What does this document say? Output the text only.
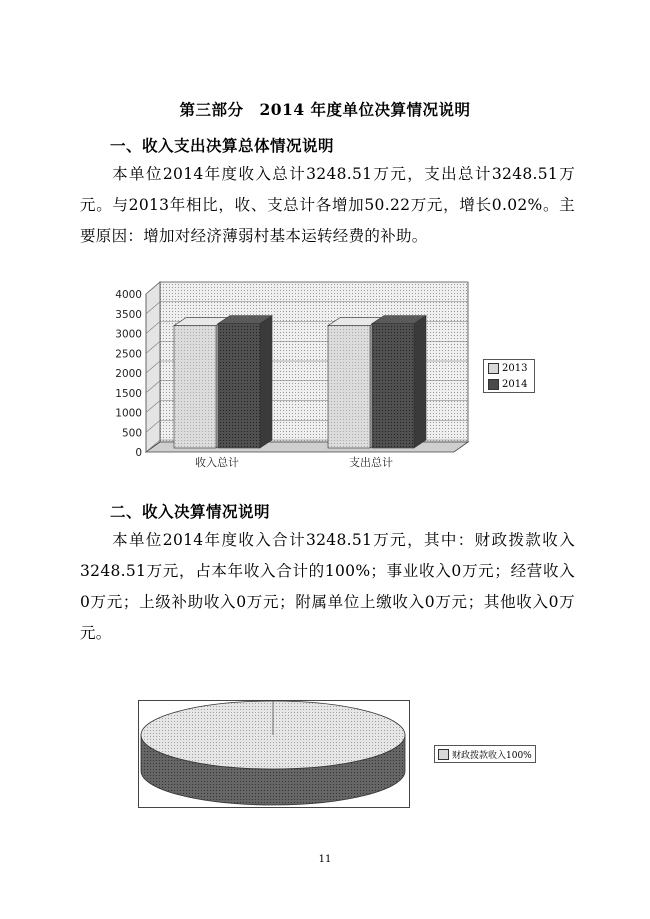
第三部分　2014 年度单位决算情况说明
一、收入支出决算总体情况说明
本单位2014年度收入总计3248.51万元，支出总计3248.51万元。与2013年相比，收、支总计各增加50.22万元，增长0.02%。主要原因：增加对经济薄弱村基本运转经费的补助。
0
500
1000
1500
2000
2500
3000
3500
4000
收入总计	支出总计
2013
2014
二、收入决算情况说明
本单位2014年度收入合计3248.51万元，其中：财政拨款收入3248.51万元，占本年收入合计的100%；事业收入0万元；经营收入0万元；上级补助收入0万元；附属单位上缴收入0万元；其他收入0万元。
财政拨款收入100%
11
